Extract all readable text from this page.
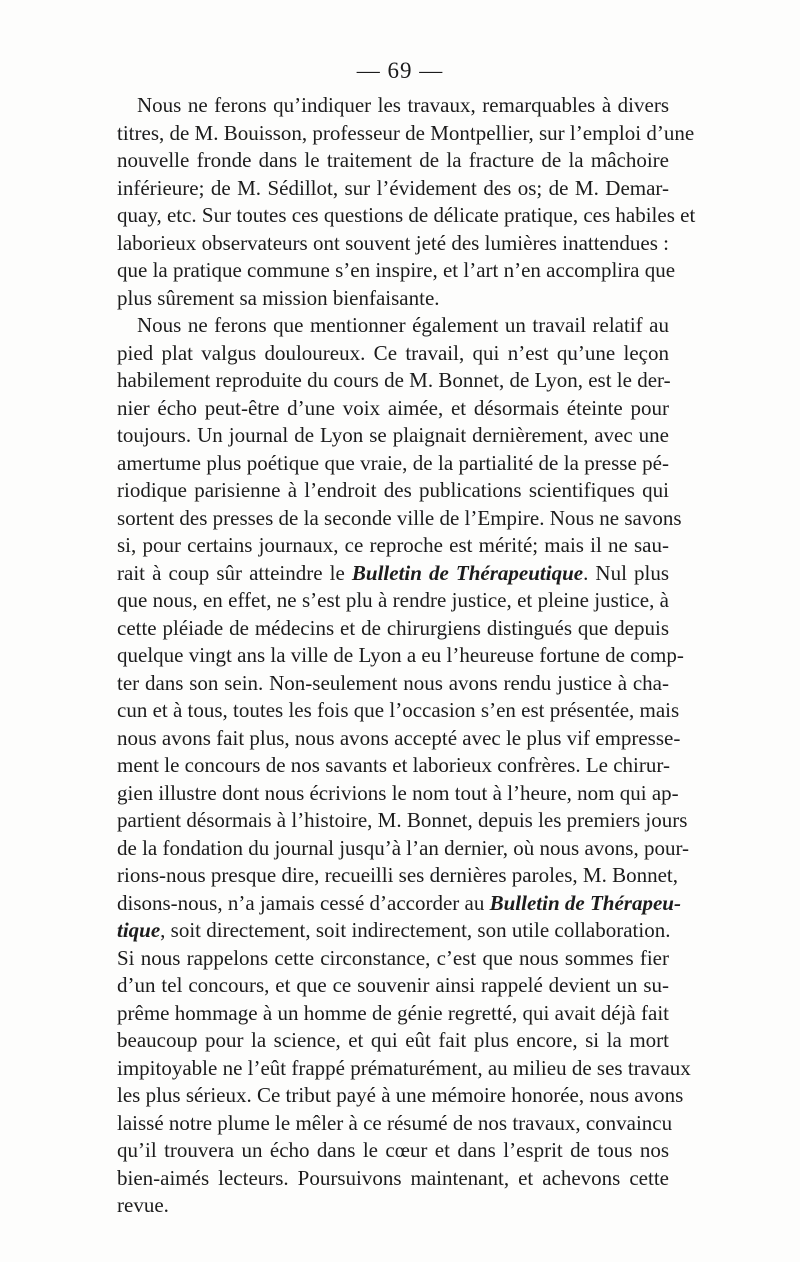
— 69 —
Nous ne ferons qu’indiquer les travaux, remarquables à divers
titres, de M. Bouisson, professeur de Montpellier, sur l’emploi d’une
nouvelle fronde dans le traitement de la fracture de la mâchoire
inférieure; de M. Sédillot, sur l’évidement des os; de M. Demar-
quay, etc. Sur toutes ces questions de délicate pratique, ces habiles et
laborieux observateurs ont souvent jeté des lumières inattendues :
que la pratique commune s’en inspire, et l’art n’en accomplira que
plus sûrement sa mission bienfaisante.
Nous ne ferons que mentionner également un travail relatif au
pied plat valgus douloureux. Ce travail, qui n’est qu’une leçon
habilement reproduite du cours de M. Bonnet, de Lyon, est le der-
nier écho peut-être d’une voix aimée, et désormais éteinte pour
toujours. Un journal de Lyon se plaignait dernièrement, avec une
amertume plus poétique que vraie, de la partialité de la presse pé-
riodique parisienne à l’endroit des publications scientifiques qui
sortent des presses de la seconde ville de l’Empire. Nous ne savons
si, pour certains journaux, ce reproche est mérité; mais il ne sau-
rait à coup sûr atteindre le Bulletin de Thérapeutique. Nul plus
que nous, en effet, ne s’est plu à rendre justice, et pleine justice, à
cette pléiade de médecins et de chirurgiens distingués que depuis
quelque vingt ans la ville de Lyon a eu l’heureuse fortune de comp-
ter dans son sein. Non-seulement nous avons rendu justice à cha-
cun et à tous, toutes les fois que l’occasion s’en est présentée, mais
nous avons fait plus, nous avons accepté avec le plus vif empresse-
ment le concours de nos savants et laborieux confrères. Le chirur-
gien illustre dont nous écrivions le nom tout à l’heure, nom qui ap-
partient désormais à l’histoire, M. Bonnet, depuis les premiers jours
de la fondation du journal jusqu’à l’an dernier, où nous avons, pour-
rions-nous presque dire, recueilli ses dernières paroles, M. Bonnet,
disons-nous, n’a jamais cessé d’accorder au Bulletin de Thérapeu-
tique, soit directement, soit indirectement, son utile collaboration.
Si nous rappelons cette circonstance, c’est que nous sommes fier
d’un tel concours, et que ce souvenir ainsi rappelé devient un su-
prême hommage à un homme de génie regretté, qui avait déjà fait
beaucoup pour la science, et qui eût fait plus encore, si la mort
impitoyable ne l’eût frappé prématurément, au milieu de ses travaux
les plus sérieux. Ce tribut payé à une mémoire honorée, nous avons
laissé notre plume le mêler à ce résumé de nos travaux, convaincu
qu’il trouvera un écho dans le cœur et dans l’esprit de tous nos
bien-aimés lecteurs. Poursuivons maintenant, et achevons cette
revue.
